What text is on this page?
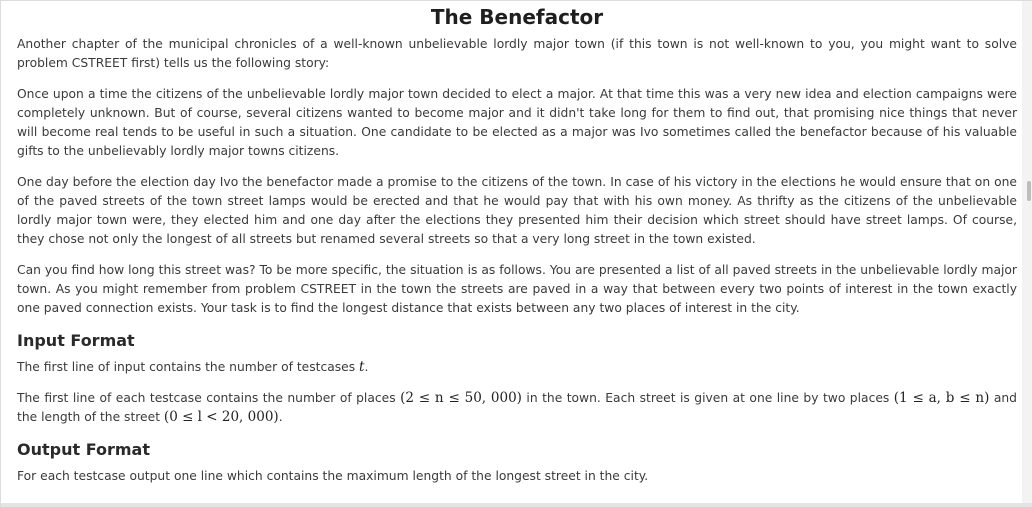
The Benefactor

Another chapter of the municipal chronicles of a well-known unbelievable lordly major town (if this town is not well-known to you, you might want to solve problem CSTREET first) tells us the following story:

Once upon a time the citizens of the unbelievable lordly major town decided to elect a major. At that time this was a very new idea and election campaigns were completely unknown. But of course, several citizens wanted to become major and it didn't take long for them to find out, that promising nice things that never will become real tends to be useful in such a situation. One candidate to be elected as a major was Ivo sometimes called the benefactor because of his valuable gifts to the unbelievably lordly major towns citizens.

One day before the election day Ivo the benefactor made a promise to the citizens of the town. In case of his victory in the elections he would ensure that on one of the paved streets of the town street lamps would be erected and that he would pay that with his own money. As thrifty as the citizens of the unbelievable lordly major town were, they elected him and one day after the elections they presented him their decision which street should have street lamps. Of course, they chose not only the longest of all streets but renamed several streets so that a very long street in the town existed.

Can you find how long this street was? To be more specific, the situation is as follows. You are presented a list of all paved streets in the unbelievable lordly major town. As you might remember from problem CSTREET in the town the streets are paved in a way that between every two points of interest in the town exactly one paved connection exists. Your task is to find the longest distance that exists between any two places of interest in the city.

Input Format

The first line of input contains the number of testcases t.

The first line of each testcase contains the number of places (2 ≤ n ≤ 50, 000) in the town. Each street is given at one line by two places (1 ≤ a, b ≤ n) and the length of the street (0 ≤ l < 20, 000).

Output Format

For each testcase output one line which contains the maximum length of the longest street in the city.
